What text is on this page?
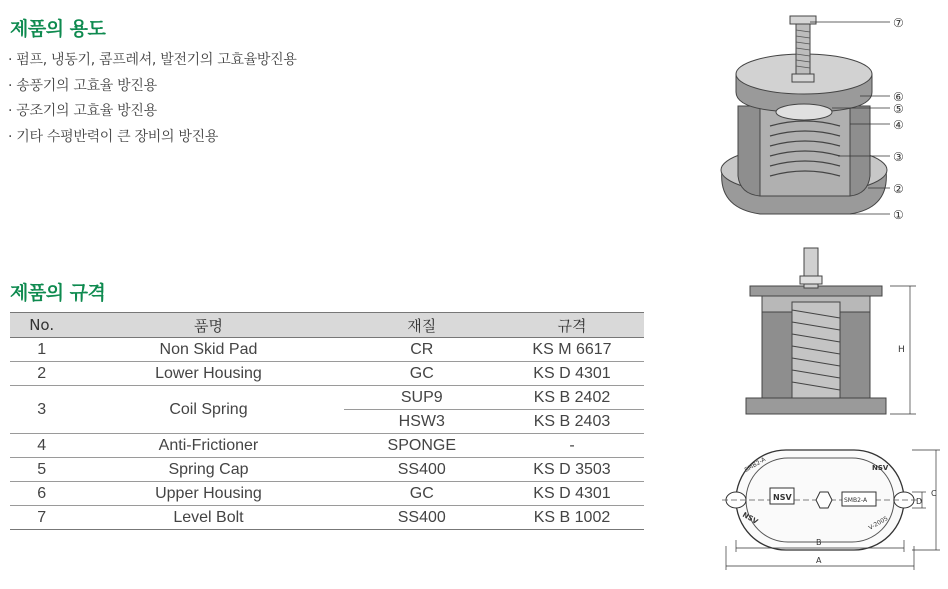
제품의 용도
· 펌프, 냉동기, 콤프레셔, 발전기의 고효율방진용
· 송풍기의 고효율 방진용
· 공조기의 고효율 방진용
· 기타 수평반력이 큰 장비의 방진용
제품의 규격
No.	품명	재질	규격
1	Non Skid Pad	CR	KS M 6617
2	Lower Housing	GC	KS D 4301
3	Coil Spring	SUP9	KS B 2402
		HSW3	KS B 2403
4	Anti-Frictioner	SPONGE	-
5	Spring Cap	SS400	KS D 3503
6	Upper Housing	GC	KS D 4301
7	Level Bolt	SS400	KS B 1002
⑦
⑥
⑤
④
③
②
①
H
NSV	SMB2-A
SMB2-A
NSV
NSV
V-2005
B
A
C
D
